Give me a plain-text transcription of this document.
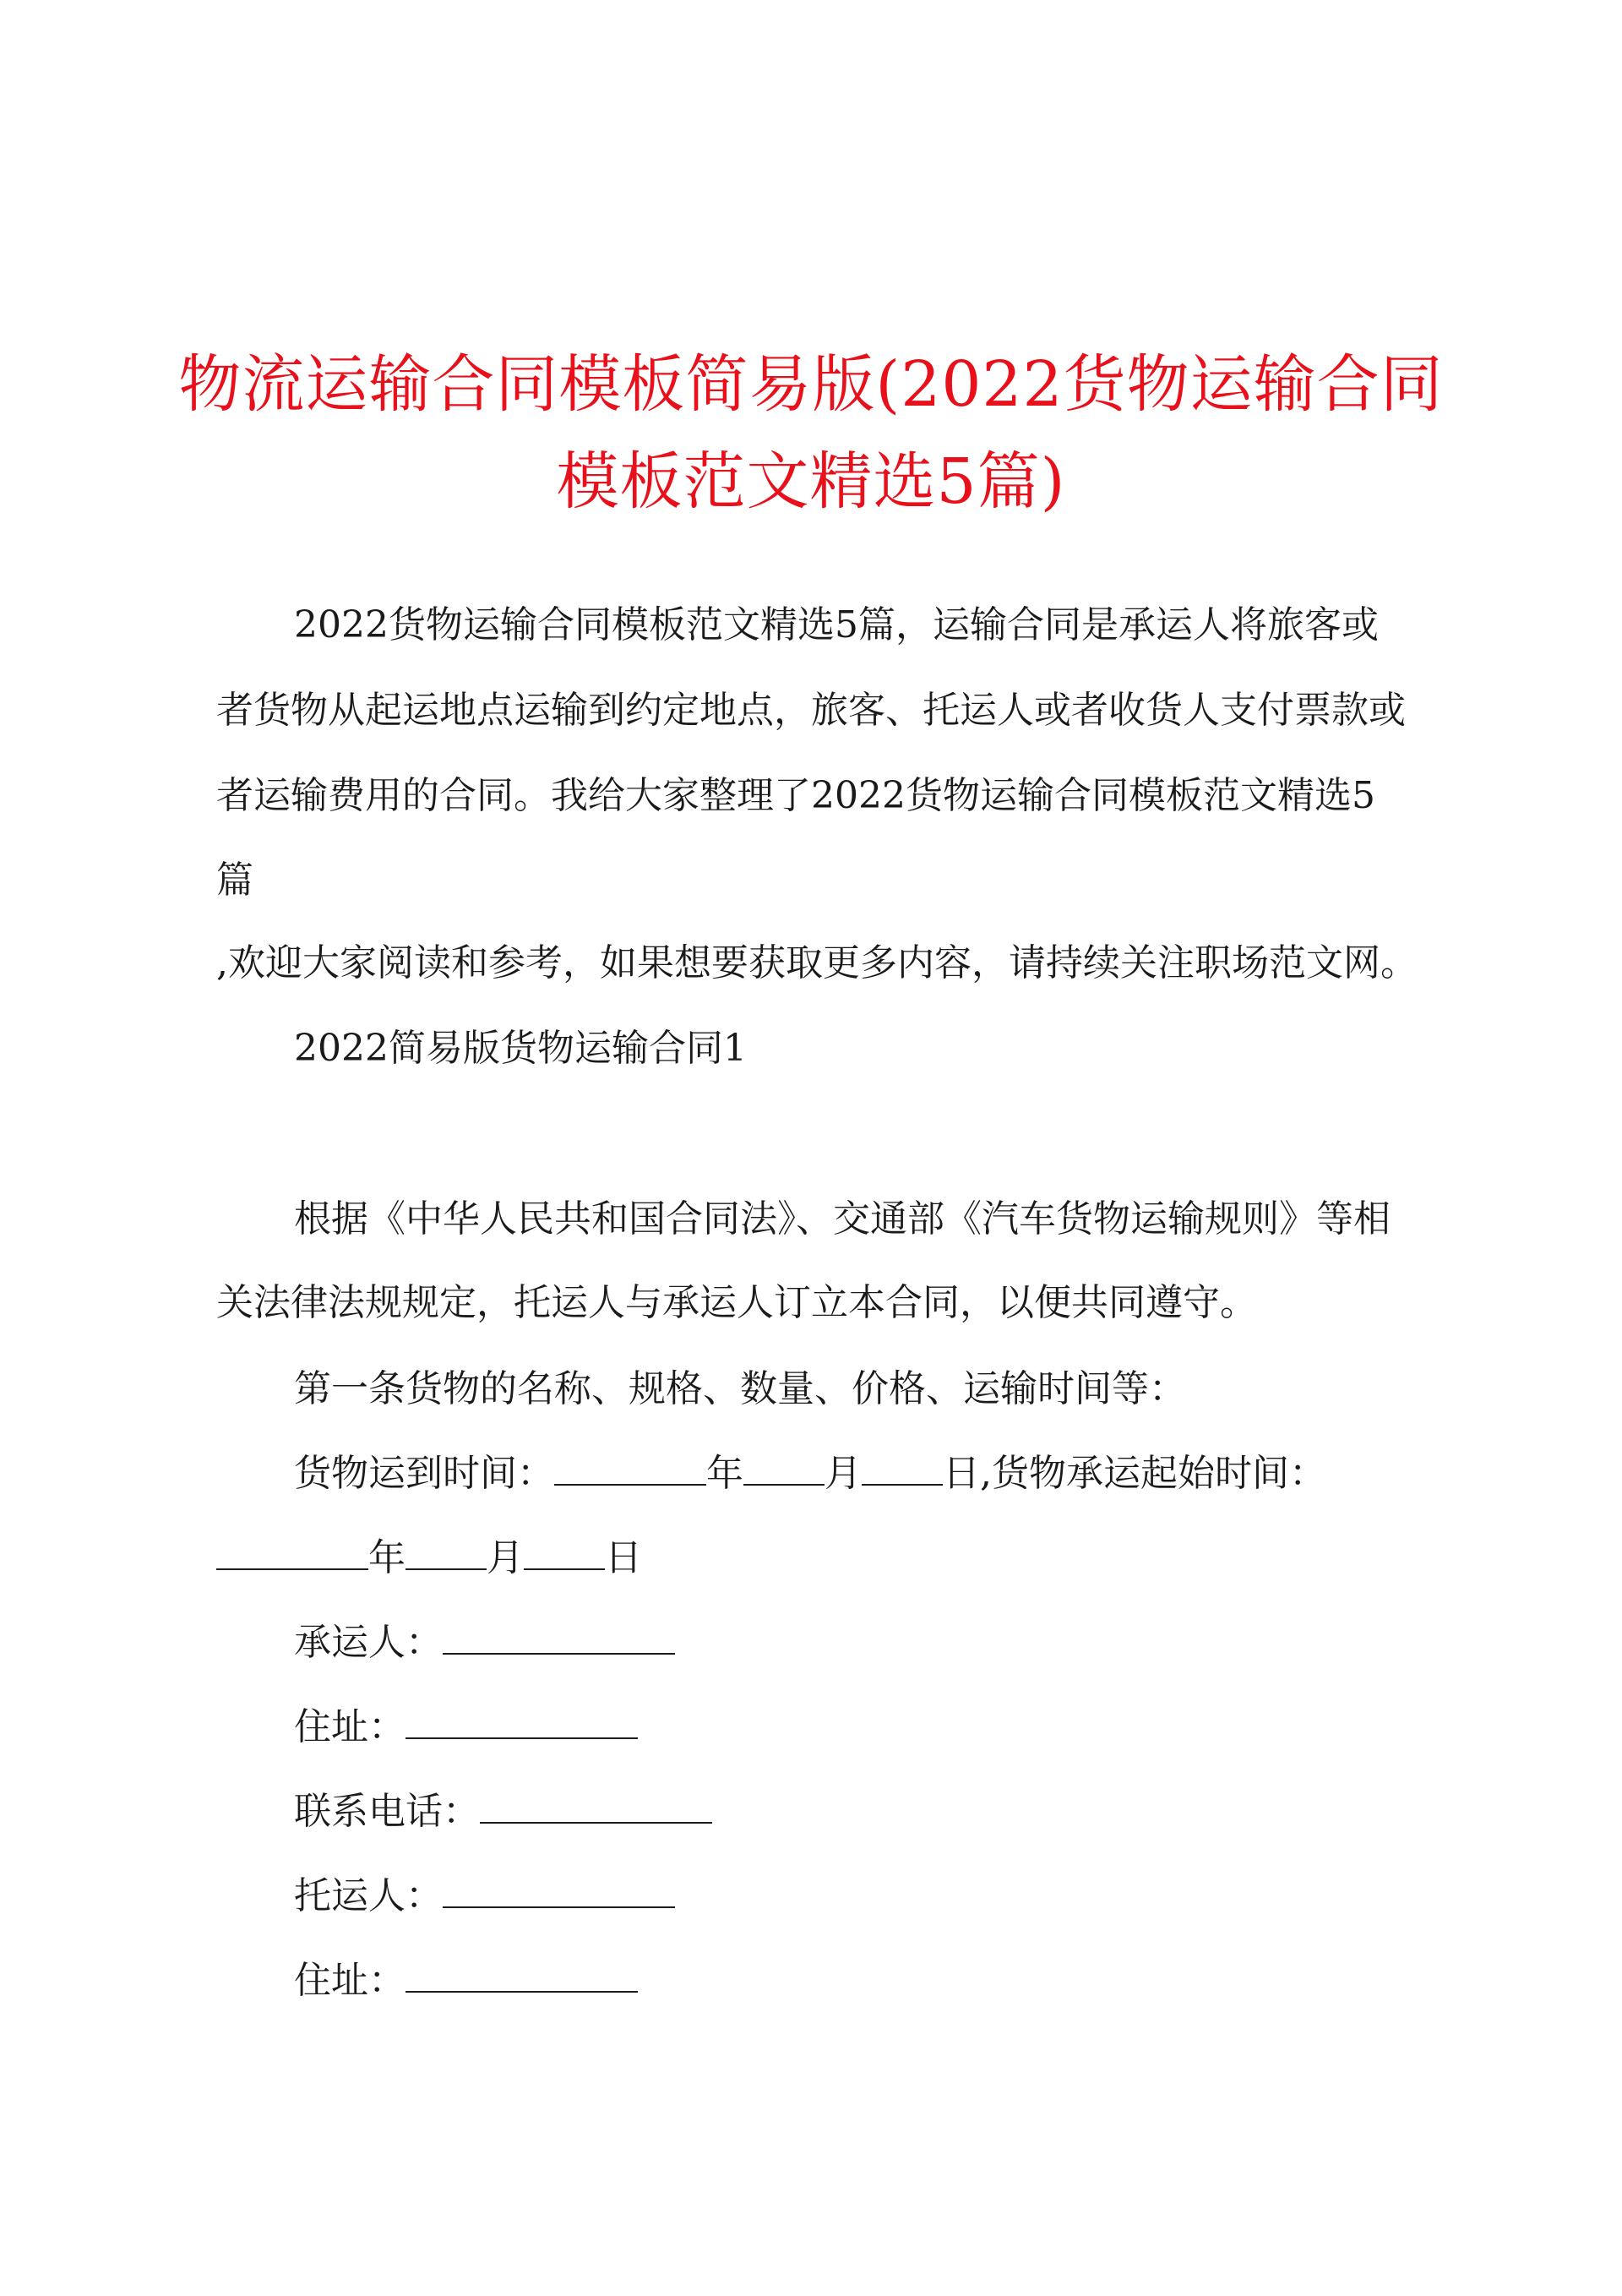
物流运输合同模板简易版(2022货物运输合同
模板范文精选5篇)

2022货物运输合同模板范文精选5篇，运输合同是承运人将旅客或

者货物从起运地点运输到约定地点，旅客、托运人或者收货人支付票款或

者运输费用的合同。我给大家整理了2022货物运输合同模板范文精选5

篇

,欢迎大家阅读和参考，如果想要获取更多内容，请持续关注职场范文网。

2022简易版货物运输合同1

根据《中华人民共和国合同法》、交通部《汽车货物运输规则》等相

关法律法规规定，托运人与承运人订立本合同，以便共同遵守。

第一条货物的名称、规格、数量、价格、运输时间等：

货物运到时间：	年 月 日,货物承运起始时间：

年 月 日

承运人：

住址：

联系电话：

托运人：

住址：
